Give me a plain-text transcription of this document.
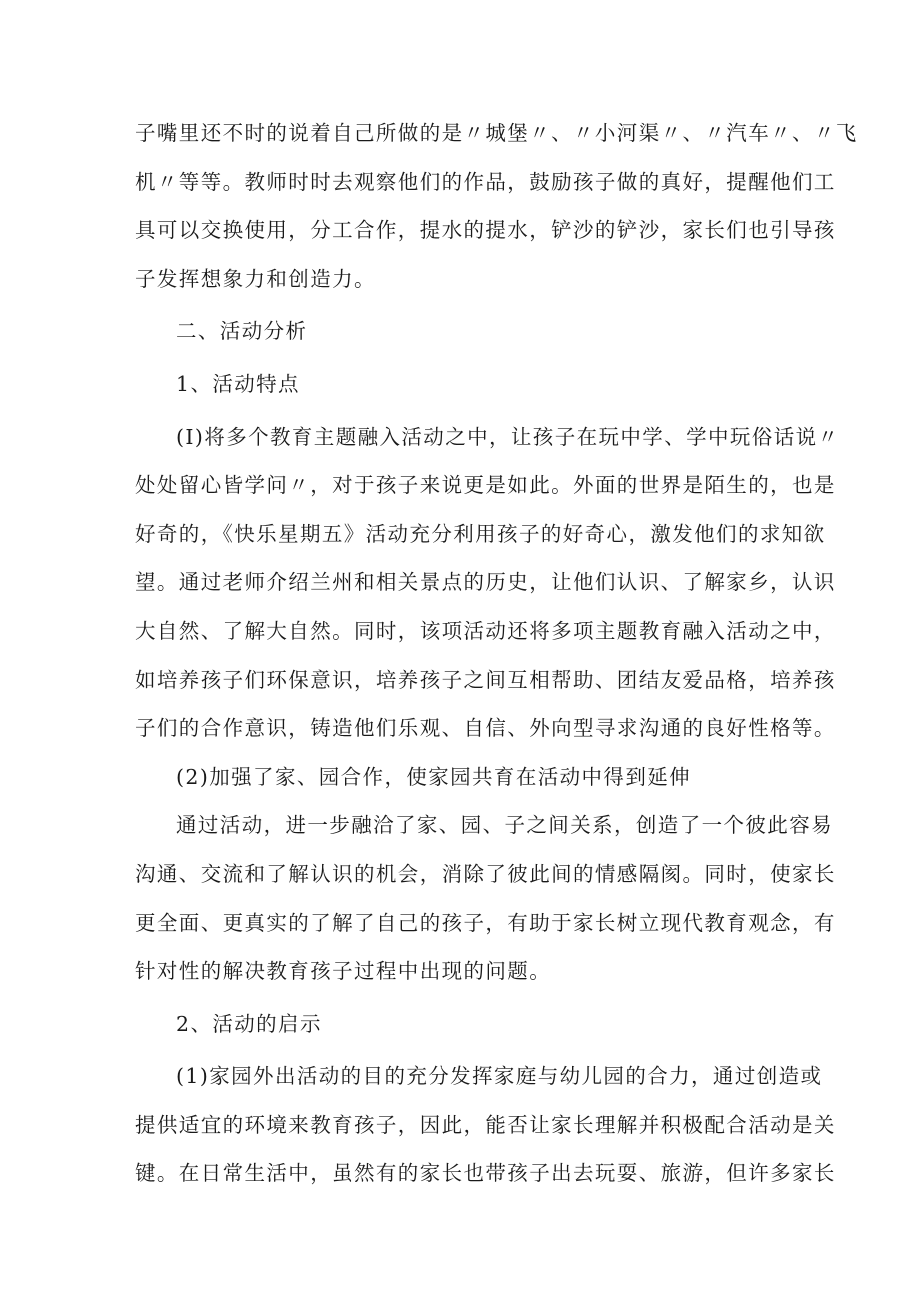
子嘴里还不时的说着自己所做的是〃城堡〃、〃小河渠〃、〃汽车〃、〃飞
机〃等等。教师时时去观察他们的作品，鼓励孩子做的真好，提醒他们工
具可以交换使用，分工合作，提水的提水，铲沙的铲沙，家长们也引导孩
子发挥想象力和创造力。
二、活动分析
1、活动特点
(I)将多个教育主题融入活动之中，让孩子在玩中学、学中玩俗话说〃
处处留心皆学问〃，对于孩子来说更是如此。外面的世界是陌生的，也是
好奇的，《快乐星期五》活动充分利用孩子的好奇心，激发他们的求知欲
望。通过老师介绍兰州和相关景点的历史，让他们认识、了解家乡，认识
大自然、了解大自然。同时，该项活动还将多项主题教育融入活动之中，
如培养孩子们环保意识，培养孩子之间互相帮助、团结友爱品格，培养孩
子们的合作意识，铸造他们乐观、自信、外向型寻求沟通的良好性格等。
(2)加强了家、园合作，使家园共育在活动中得到延伸
通过活动，进一步融洽了家、园、子之间关系，创造了一个彼此容易
沟通、交流和了解认识的机会，消除了彼此间的情感隔阂。同时，使家长
更全面、更真实的了解了自己的孩子，有助于家长树立现代教育观念，有
针对性的解决教育孩子过程中出现的问题。
2、活动的启示
(1)家园外出活动的目的充分发挥家庭与幼儿园的合力，通过创造或
提供适宜的环境来教育孩子，因此，能否让家长理解并积极配合活动是关
键。在日常生活中，虽然有的家长也带孩子出去玩耍、旅游，但许多家长
